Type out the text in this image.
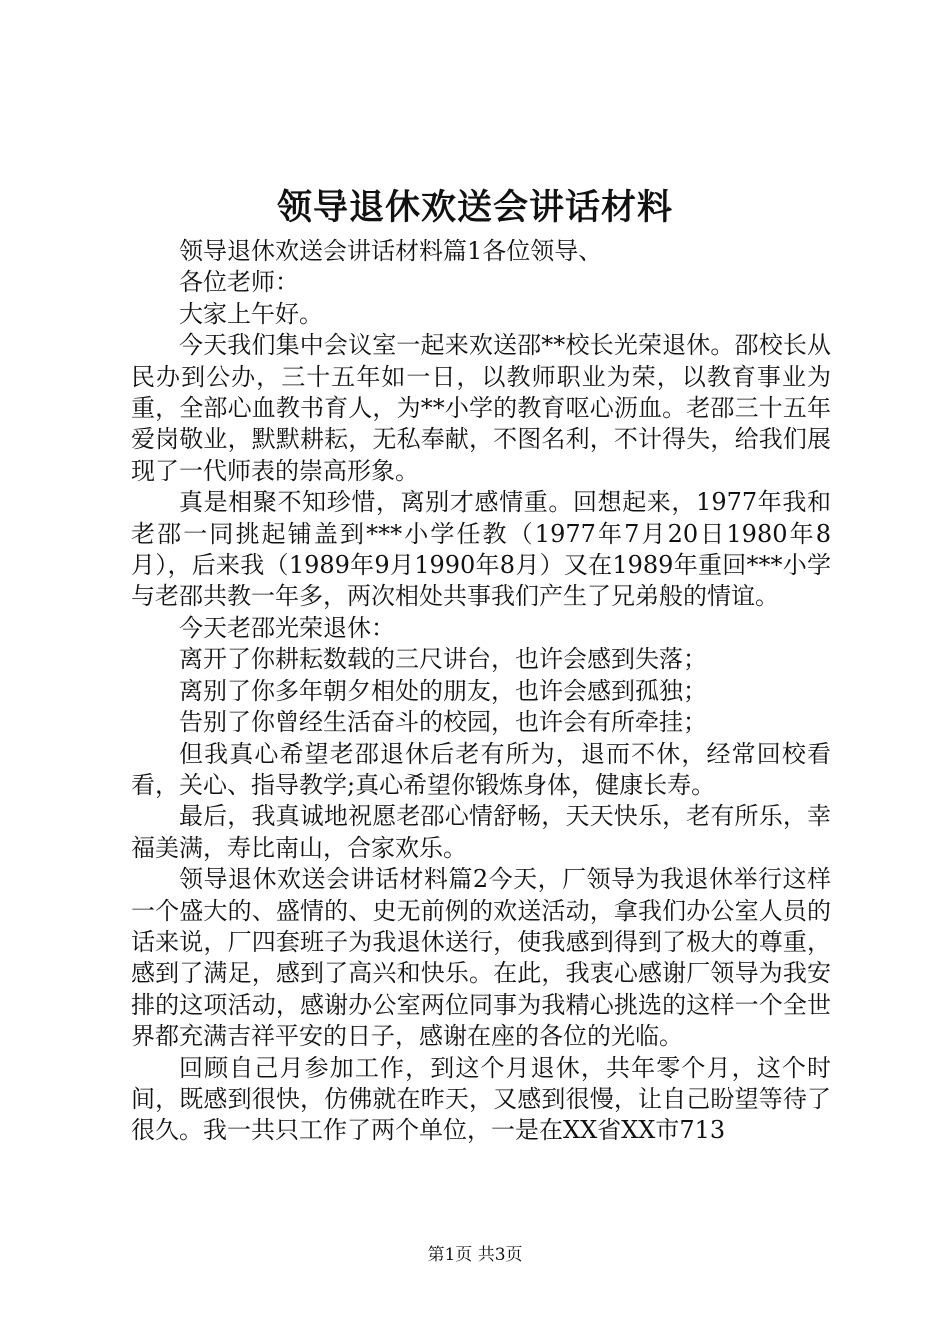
领导退休欢送会讲话材料

领导退休欢送会讲话材料篇1各位领导、

各位老师：

大家上午好。

今天我们集中会议室一起来欢送邵**校长光荣退休。邵校长从民办到公办，三十五年如一日，以教师职业为荣，以教育事业为重，全部心血教书育人，为**小学的教育呕心沥血。老邵三十五年爱岗敬业，默默耕耘，无私奉献，不图名利，不计得失，给我们展现了一代师表的崇高形象。

真是相聚不知珍惜，离别才感情重。回想起来，1977年我和老邵一同挑起铺盖到***小学任教（1977年7月20日1980年8月），后来我（1989年9月1990年8月）又在1989年重回***小学与老邵共教一年多，两次相处共事我们产生了兄弟般的情谊。

今天老邵光荣退休：

离开了你耕耘数载的三尺讲台，也许会感到失落；

离别了你多年朝夕相处的朋友，也许会感到孤独；

告别了你曾经生活奋斗的校园，也许会有所牵挂；

但我真心希望老邵退休后老有所为，退而不休，经常回校看看，关心、指导教学;真心希望你锻炼身体，健康长寿。

最后，我真诚地祝愿老邵心情舒畅，天天快乐，老有所乐，幸福美满，寿比南山，合家欢乐。

领导退休欢送会讲话材料篇2今天，厂领导为我退休举行这样一个盛大的、盛情的、史无前例的欢送活动，拿我们办公室人员的话来说，厂四套班子为我退休送行，使我感到得到了极大的尊重，感到了满足，感到了高兴和快乐。在此，我衷心感谢厂领导为我安排的这项活动，感谢办公室两位同事为我精心挑选的这样一个全世界都充满吉祥平安的日子，感谢在座的各位的光临。

回顾自己月参加工作，到这个月退休，共年零个月，这个时间，既感到很快，仿佛就在昨天，又感到很慢，让自己盼望等待了很久。我一共只工作了两个单位，一是在XX省XX市713

第1页 共3页
